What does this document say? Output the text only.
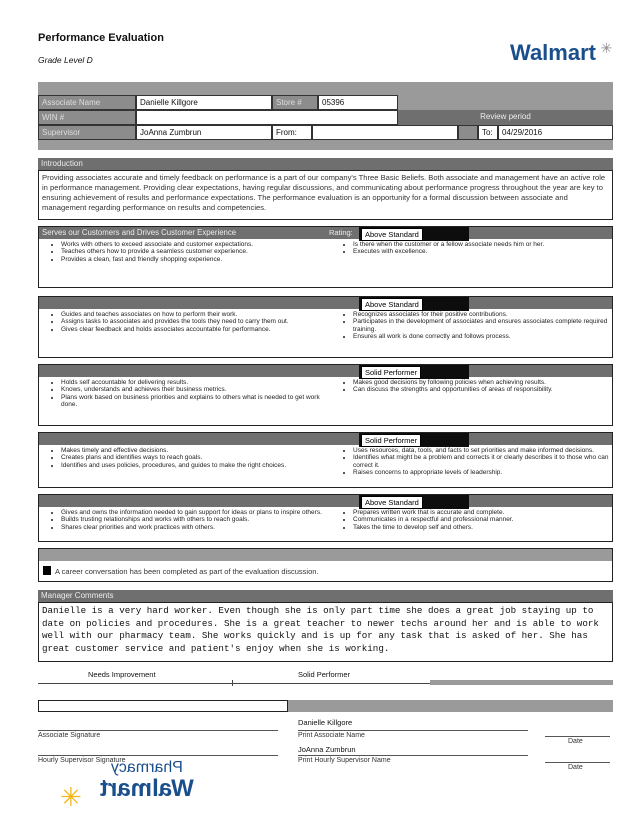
Performance Evaluation
Grade Level D	Walmart ✳
Associate Name	Danielle Killgore	Store #	05396
WIN #	Review period
Supervisor	JoAnna Zumbrun	From:	To:	04/29/2016
Introduction
Providing associates accurate and timely feedback on performance is a part of our company's Three Basic Beliefs. Both associate and management have an active role in performance management. Providing clear expectations, having regular discussions, and communicating about performance progress throughout the year are key to ensuring achievement of results and performance expectations. The performance evaluation is an opportunity for a formal discussion between associate and management regarding performance on results and competencies.
Serves our Customers and Drives Customer Experience	Rating:	Above Standard
• Works with others to exceed associate and customer expectations.
• Teaches others how to provide a seamless customer experience.
• Provides a clean, fast and friendly shopping experience.
• Is there when the customer or a fellow associate needs him or her.
• Executes with excellence.
Above Standard
• Guides and teaches associates on how to perform their work.
• Assigns tasks to associates and provides the tools they need to carry them out.
• Gives clear feedback and holds associates accountable for performance.
• Recognizes associates for their positive contributions.
• Participates in the development of associates and ensures associates complete required training.
• Ensures all work is done correctly and follows process.
Solid Performer
• Holds self accountable for delivering results.
• Knows, understands and achieves their business metrics.
• Plans work based on business priorities and explains to others what is needed to get work done.
• Makes good decisions by following policies when achieving results.
• Can discuss the strengths and opportunities of areas of responsibility.
Solid Performer
• Makes timely and effective decisions.
• Creates plans and identifies ways to reach goals.
• Identifies and uses policies, procedures, and guides to make the right choices.
• Uses resources, data, tools, and facts to set priorities and make informed decisions.
• Identifies what might be a problem and corrects it or clearly describes it to those who can correct it.
• Raises concerns to appropriate levels of leadership.
Above Standard
• Gives and owns the information needed to gain support for ideas or plans to inspire others.
• Builds trusting relationships and works with others to reach goals.
• Shares clear priorities and work practices with others.
• Prepares written work that is accurate and complete.
• Communicates in a respectful and professional manner.
• Takes the time to develop self and others.
A career conversation has been completed as part of the evaluation discussion.
Manager Comments
Danielle is a very hard worker. Even though she is only part time she does a great job staying up to date on policies and procedures. She is a great teacher to newer techs around her and is able to work well with our pharmacy team. She works quickly and is up for any task that is asked of her. She has great customer service and patient's enjoy when she is working.
Needs Improvement	Solid Performer
Danielle Killgore
Associate Signature	Print Associate Name
Date
JoAnna Zumbrun
Hourly Supervisor Signature	Print Hourly Supervisor Name
Date
Pharmacy
Walmart
✳
